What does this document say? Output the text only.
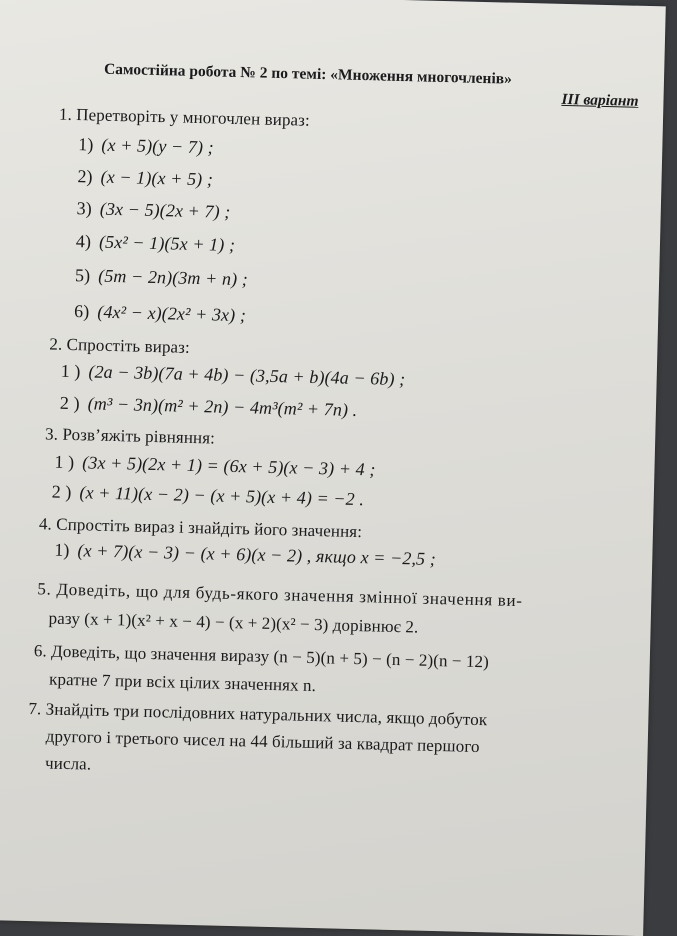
Самостійна робота № 2 по темі: «Множення многочленів»
III варіант
1. Перетворіть у многочлен вираз:
1) (x + 5)(y − 7) ;
2) (x − 1)(x + 5) ;
3) (3x − 5)(2x + 7) ;
4) (5x² − 1)(5x + 1) ;
5) (5m − 2n)(3m + n) ;
6) (4x² − x)(2x² + 3x) ;
2. Спростіть вираз:
1 ) (2a − 3b)(7a + 4b) − (3,5a + b)(4a − 6b) ;
2 ) (m³ − 3n)(m² + 2n) − 4m³(m² + 7n) .
3. Розв’яжіть рівняння:
1 ) (3x + 5)(2x + 1) = (6x + 5)(x − 3) + 4 ;
2 ) (x + 11)(x − 2) − (x + 5)(x + 4) = −2 .
4. Спростіть вираз і знайдіть його значення:
1) (x + 7)(x − 3) − (x + 6)(x − 2) , якщо x = −2,5 ;
5. Доведіть, що для будь-якого значення змінної значення ви-
разу (x + 1)(x² + x − 4) − (x + 2)(x² − 3) дорівнює 2.
6. Доведіть, що значення виразу (n − 5)(n + 5) − (n − 2)(n − 12)
кратне 7 при всіх цілих значеннях n.
7. Знайдіть три послідовних натуральних числа, якщо добуток
другого і третього чисел на 44 більший за квадрат першого
числа.
